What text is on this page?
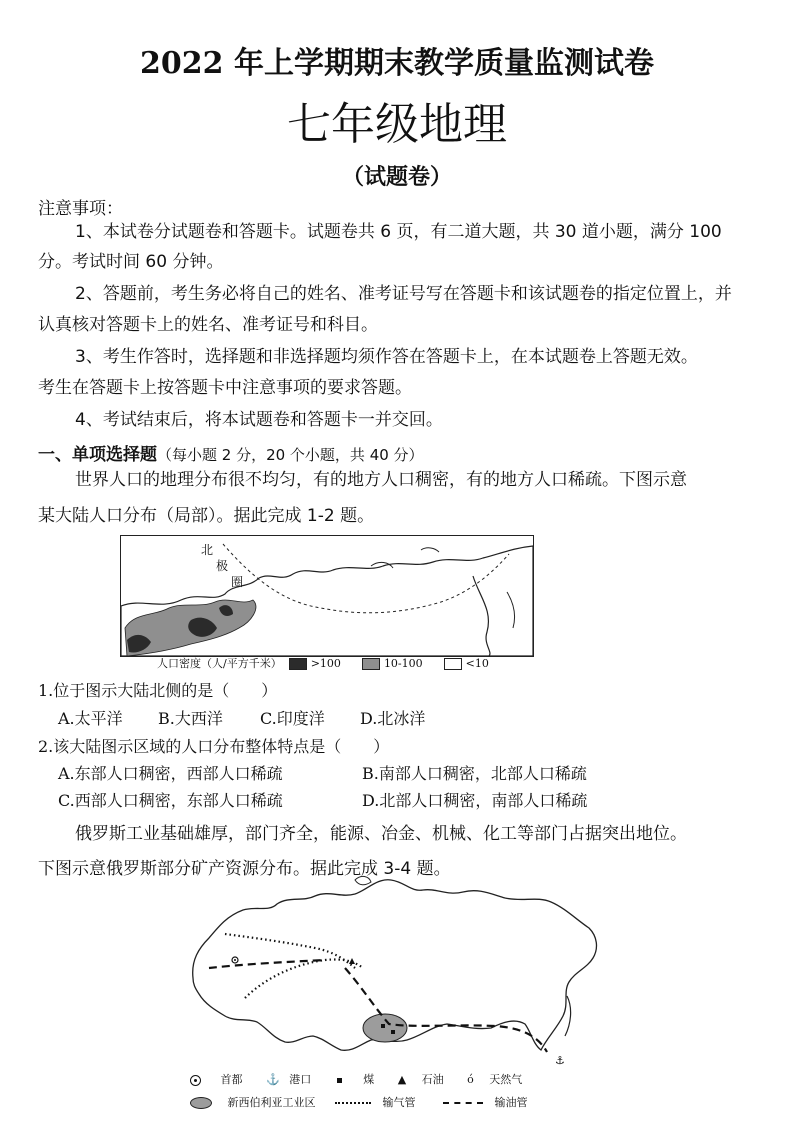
2022 年上学期期末教学质量监测试卷
七年级地理
（试题卷）
注意事项：
1、本试卷分试题卷和答题卡。试题卷共 6 页，有二道大题，共 30 道小题，满分 100
分。考试时间 60 分钟。
2、答题前，考生务必将自己的姓名、准考证号写在答题卡和该试题卷的指定位置上，并
认真核对答题卡上的姓名、准考证号和科目。
3、考生作答时，选择题和非选择题均须作答在答题卡上，在本试题卷上答题无效。
考生在答题卡上按答题卡中注意事项的要求答题。
4、考试结束后，将本试题卷和答题卡一并交回。
一、单项选择题（每小题 2 分，20 个小题，共 40 分）
世界人口的地理分布很不均匀，有的地方人口稠密，有的地方人口稀疏。下图示意
某大陆人口分布（局部）。据此完成 1-2 题。
北
极
圈
人口密度（人/平方千米）	>100	10-100	<10
1.位于图示大陆北侧的是（　　）
A.太平洋 B.大西洋 C.印度洋 D.北冰洋
2.该大陆图示区域的人口分布整体特点是（　　）
A.东部人口稠密，西部人口稀疏	B.南部人口稠密，北部人口稀疏
C.西部人口稠密，东部人口稀疏	D.北部人口稠密，南部人口稀疏
俄罗斯工业基础雄厚，部门齐全，能源、冶金、机械、化工等部门占据突出地位。
下图示意俄罗斯部分矿产资源分布。据此完成 3-4 题。
⚓
首都 ⚓ 港口	煤 ▲ 石油 ó 天然气
新西伯利亚工业区	输气管	输油管
